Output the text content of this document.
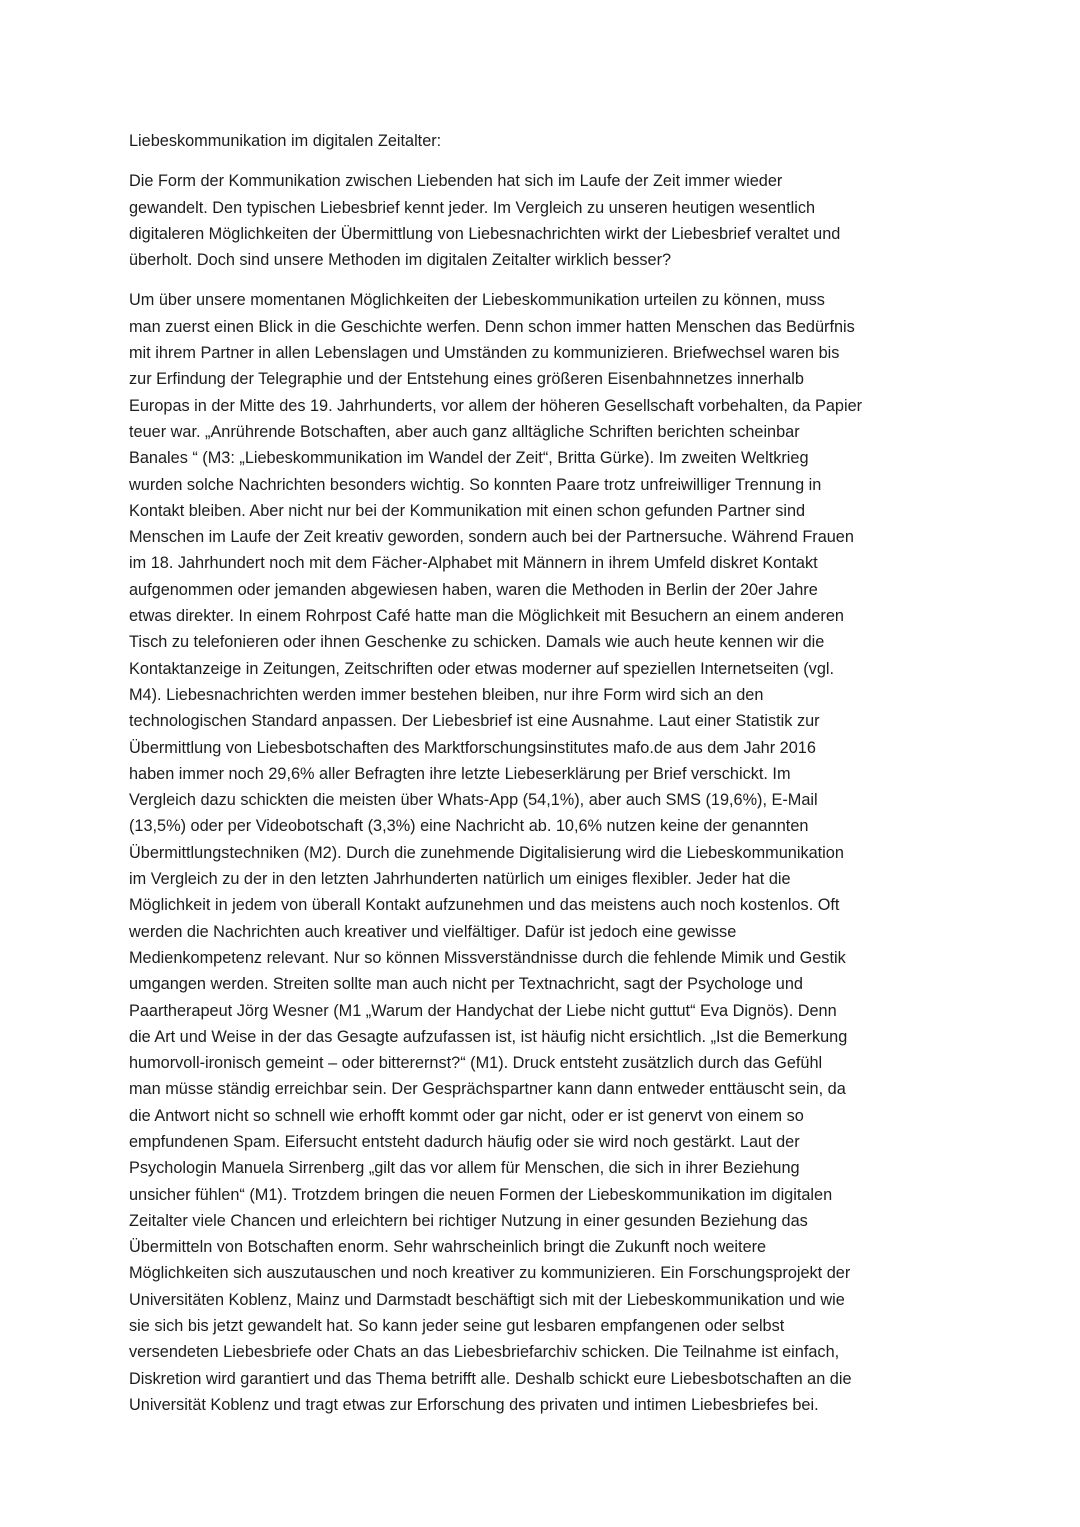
Liebeskommunikation im digitalen Zeitalter:
Die Form der Kommunikation zwischen Liebenden hat sich im Laufe der Zeit immer wieder
gewandelt. Den typischen Liebesbrief kennt jeder. Im Vergleich zu unseren heutigen wesentlich
digitaleren Möglichkeiten der Übermittlung von Liebesnachrichten wirkt der Liebesbrief veraltet und
überholt. Doch sind unsere Methoden im digitalen Zeitalter wirklich besser?
Um über unsere momentanen Möglichkeiten der Liebeskommunikation urteilen zu können, muss
man zuerst einen Blick in die Geschichte werfen. Denn schon immer hatten Menschen das Bedürfnis
mit ihrem Partner in allen Lebenslagen und Umständen zu kommunizieren. Briefwechsel waren bis
zur Erfindung der Telegraphie und der Entstehung eines größeren Eisenbahnnetzes innerhalb
Europas in der Mitte des 19. Jahrhunderts, vor allem der höheren Gesellschaft vorbehalten, da Papier
teuer war. „Anrührende Botschaften, aber auch ganz alltägliche Schriften berichten scheinbar
Banales “ (M3: „Liebeskommunikation im Wandel der Zeit“, Britta Gürke). Im zweiten Weltkrieg
wurden solche Nachrichten besonders wichtig. So konnten Paare trotz unfreiwilliger Trennung in
Kontakt bleiben. Aber nicht nur bei der Kommunikation mit einen schon gefunden Partner sind
Menschen im Laufe der Zeit kreativ geworden, sondern auch bei der Partnersuche. Während Frauen
im 18. Jahrhundert noch mit dem Fächer-Alphabet mit Männern in ihrem Umfeld diskret Kontakt
aufgenommen oder jemanden abgewiesen haben, waren die Methoden in Berlin der 20er Jahre
etwas direkter. In einem Rohrpost Café hatte man die Möglichkeit mit Besuchern an einem anderen
Tisch zu telefonieren oder ihnen Geschenke zu schicken. Damals wie auch heute kennen wir die
Kontaktanzeige in Zeitungen, Zeitschriften oder etwas moderner auf speziellen Internetseiten (vgl.
M4). Liebesnachrichten werden immer bestehen bleiben, nur ihre Form wird sich an den
technologischen Standard anpassen. Der Liebesbrief ist eine Ausnahme. Laut einer Statistik zur
Übermittlung von Liebesbotschaften des Marktforschungsinstitutes mafo.de aus dem Jahr 2016
haben immer noch 29,6% aller Befragten ihre letzte Liebeserklärung per Brief verschickt. Im
Vergleich dazu schickten die meisten über Whats-App (54,1%), aber auch SMS (19,6%), E-Mail
(13,5%) oder per Videobotschaft (3,3%) eine Nachricht ab. 10,6% nutzen keine der genannten
Übermittlungstechniken (M2). Durch die zunehmende Digitalisierung wird die Liebeskommunikation
im Vergleich zu der in den letzten Jahrhunderten natürlich um einiges flexibler. Jeder hat die
Möglichkeit in jedem von überall Kontakt aufzunehmen und das meistens auch noch kostenlos. Oft
werden die Nachrichten auch kreativer und vielfältiger. Dafür ist jedoch eine gewisse
Medienkompetenz relevant. Nur so können Missverständnisse durch die fehlende Mimik und Gestik
umgangen werden. Streiten sollte man auch nicht per Textnachricht, sagt der Psychologe und
Paartherapeut Jörg Wesner (M1 „Warum der Handychat der Liebe nicht guttut“ Eva Dignös). Denn
die Art und Weise in der das Gesagte aufzufassen ist, ist häufig nicht ersichtlich. „Ist die Bemerkung
humorvoll-ironisch gemeint – oder bitterernst?“ (M1). Druck entsteht zusätzlich durch das Gefühl
man müsse ständig erreichbar sein. Der Gesprächspartner kann dann entweder enttäuscht sein, da
die Antwort nicht so schnell wie erhofft kommt oder gar nicht, oder er ist genervt von einem so
empfundenen Spam. Eifersucht entsteht dadurch häufig oder sie wird noch gestärkt. Laut der
Psychologin Manuela Sirrenberg „gilt das vor allem für Menschen, die sich in ihrer Beziehung
unsicher fühlen“ (M1). Trotzdem bringen die neuen Formen der Liebeskommunikation im digitalen
Zeitalter viele Chancen und erleichtern bei richtiger Nutzung in einer gesunden Beziehung das
Übermitteln von Botschaften enorm. Sehr wahrscheinlich bringt die Zukunft noch weitere
Möglichkeiten sich auszutauschen und noch kreativer zu kommunizieren. Ein Forschungsprojekt der
Universitäten Koblenz, Mainz und Darmstadt beschäftigt sich mit der Liebeskommunikation und wie
sie sich bis jetzt gewandelt hat. So kann jeder seine gut lesbaren empfangenen oder selbst
versendeten Liebesbriefe oder Chats an das Liebesbriefarchiv schicken. Die Teilnahme ist einfach,
Diskretion wird garantiert und das Thema betrifft alle. Deshalb schickt eure Liebesbotschaften an die
Universität Koblenz und tragt etwas zur Erforschung des privaten und intimen Liebesbriefes bei.
